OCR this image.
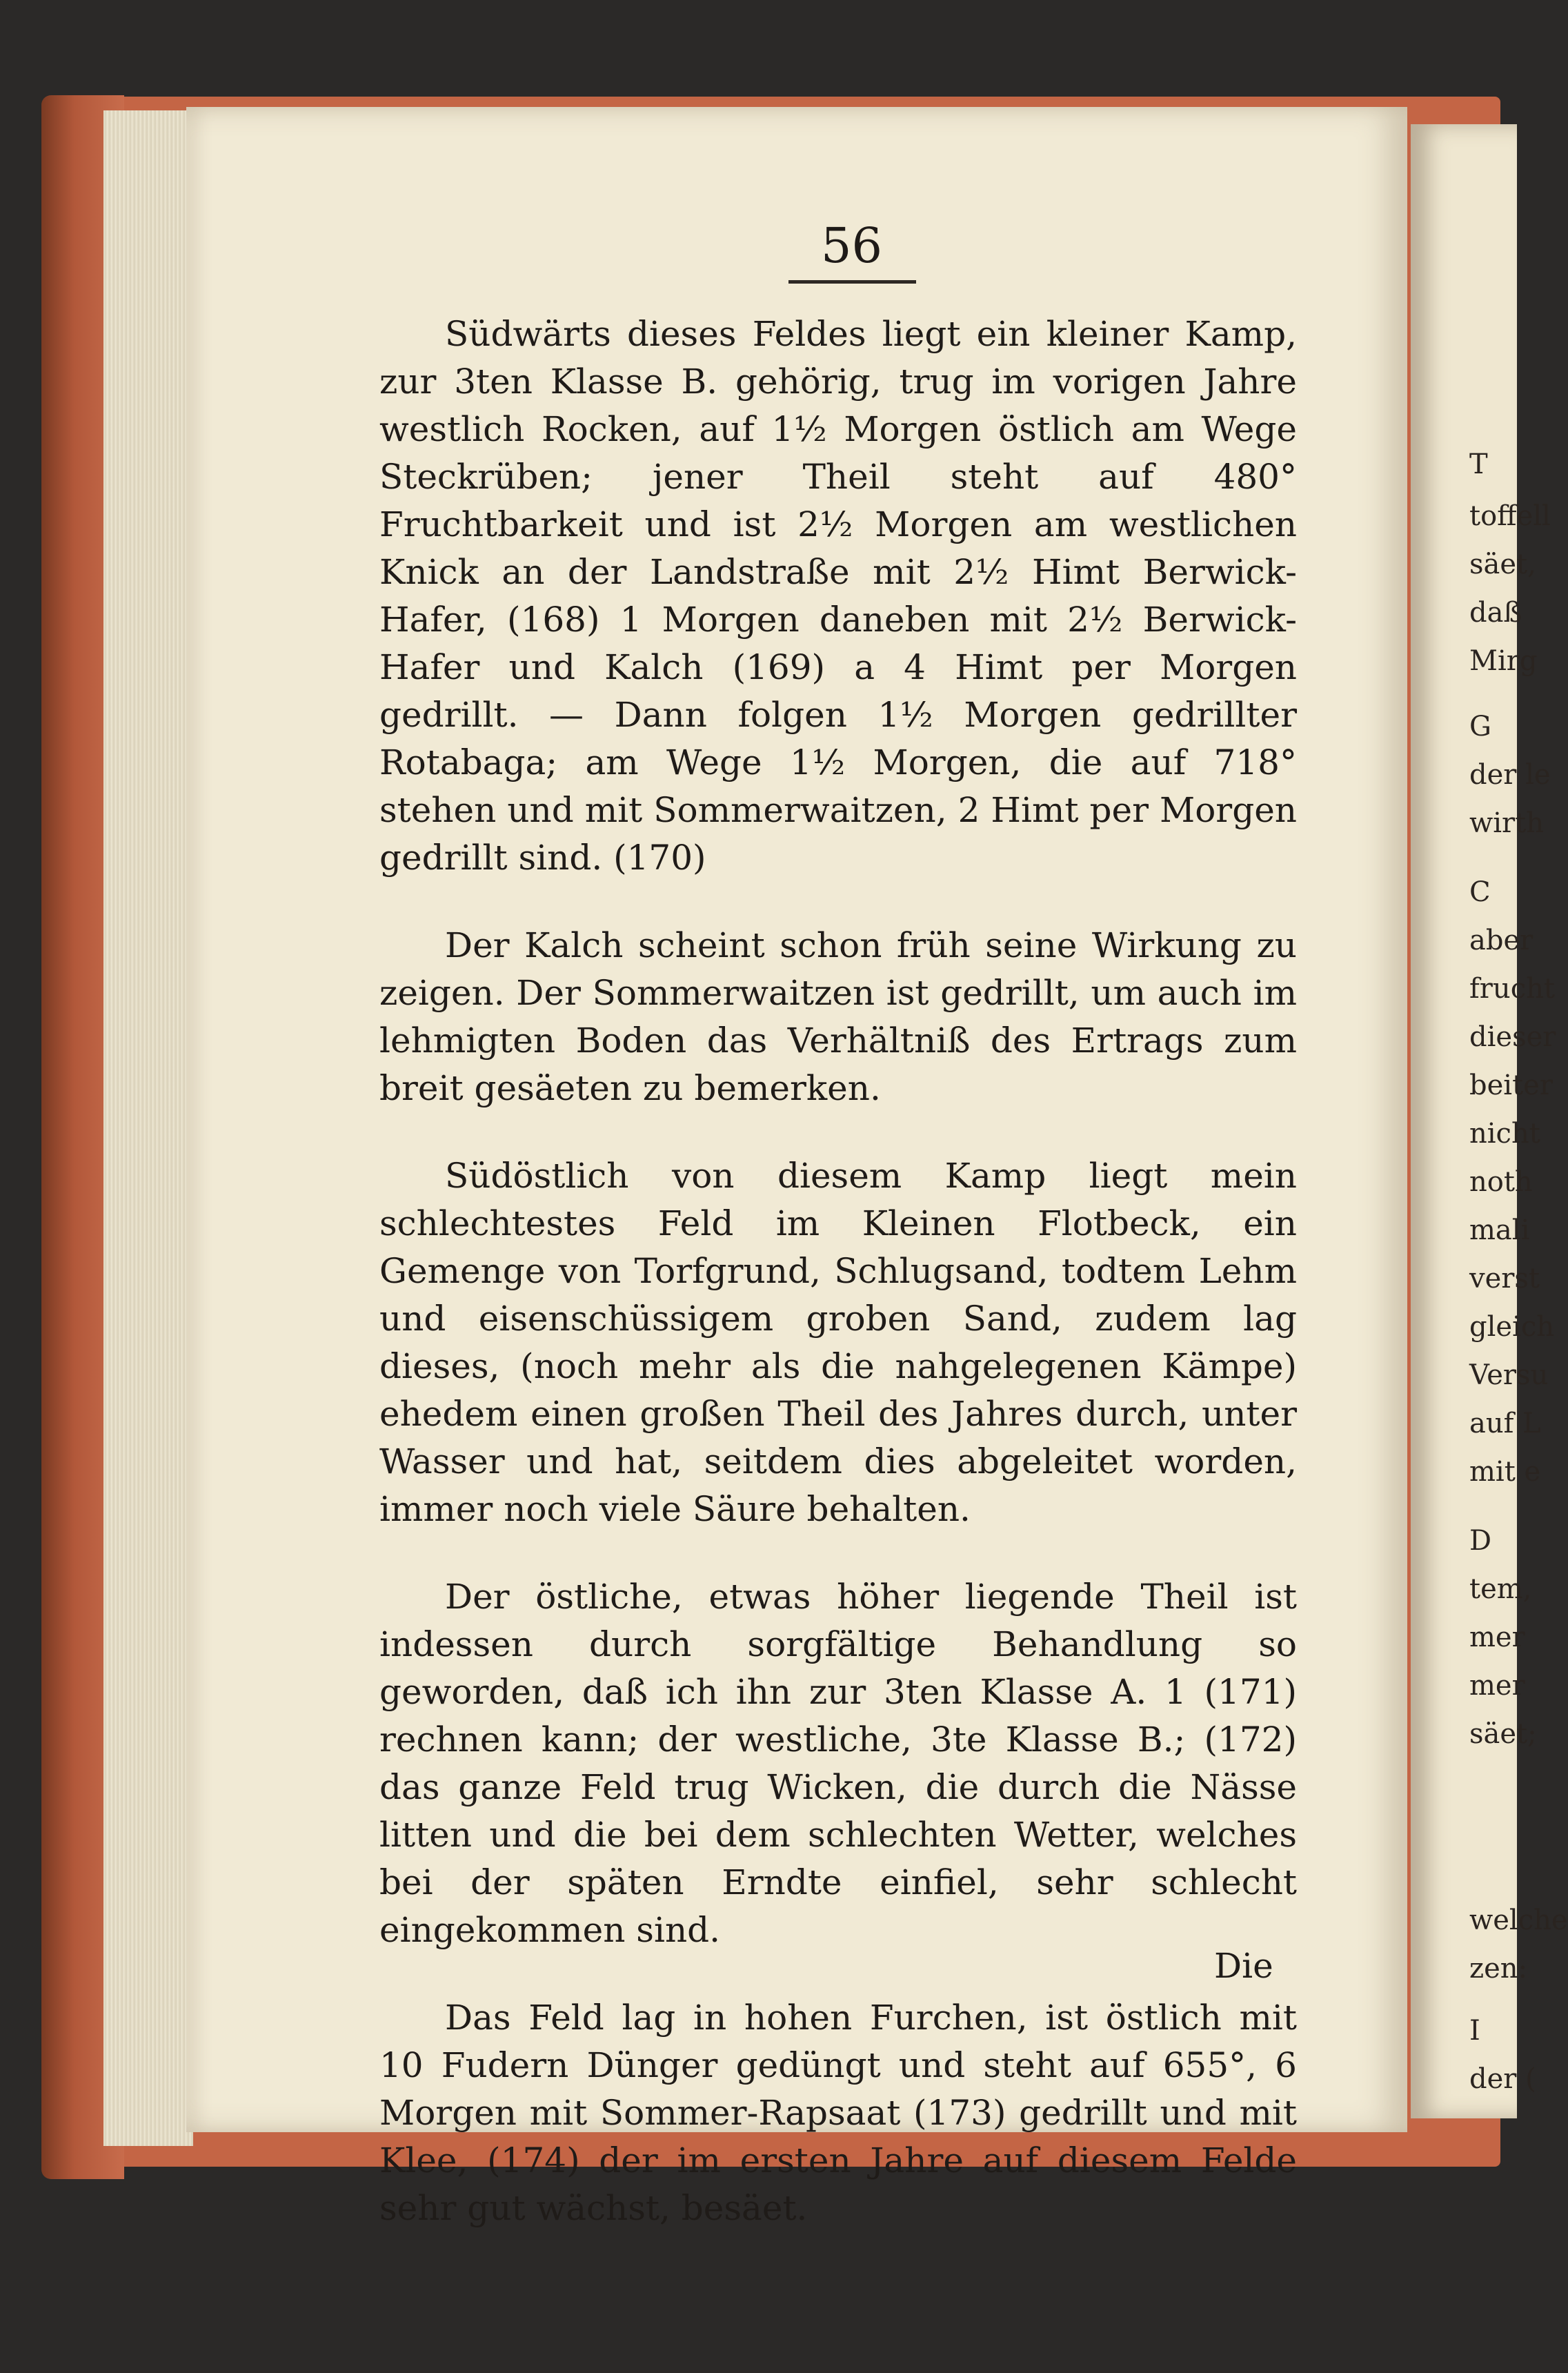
T
toffell
säet,
daß
Mirg
G
der le
wirth
C
aber
frucht
dieser
beiter
nicht
noth
mali
verst
gleich
Versu
auf L
mit e
D
tem,
mer
mer
säet;
welche
zen:
I
der (
56

Südwärts dieses Feldes liegt ein kleiner Kamp, zur 3ten Klasse B. gehörig, trug im vorigen Jahre westlich Rocken, auf 1½ Morgen östlich am Wege Steckrüben; jener Theil steht auf 480° Fruchtbarkeit und ist 2½ Morgen am westlichen Knick an der Landstraße mit 2½ Himt Berwick-Hafer, (168) 1 Morgen daneben mit 2½ Berwick-Hafer und Kalch (169) a 4 Himt per Morgen gedrillt. — Dann folgen 1½ Morgen gedrillter Rotabaga; am Wege 1½ Morgen, die auf 718° stehen und mit Sommerwaitzen, 2 Himt per Morgen gedrillt sind. (170)

Der Kalch scheint schon früh seine Wirkung zu zeigen. Der Sommerwaitzen ist gedrillt, um auch im lehmigten Boden das Verhältniß des Ertrags zum breit gesäeten zu bemerken.

Südöstlich von diesem Kamp liegt mein schlechtestes Feld im Kleinen Flotbeck, ein Gemenge von Torfgrund, Schlugsand, todtem Lehm und eisenschüssigem groben Sand, zudem lag dieses, (noch mehr als die nahgelegenen Kämpe) ehedem einen großen Theil des Jahres durch, unter Wasser und hat, seitdem dies abgeleitet worden, immer noch viele Säure behalten.

Der östliche, etwas höher liegende Theil ist indessen durch sorgfältige Behandlung so geworden, daß ich ihn zur 3ten Klasse A. 1 (171) rechnen kann; der westliche, 3te Klasse B.; (172) das ganze Feld trug Wicken, die durch die Nässe litten und die bei dem schlechten Wetter, welches bei der späten Erndte einfiel, sehr schlecht eingekommen sind.

Das Feld lag in hohen Furchen, ist östlich mit 10 Fudern Dünger gedüngt und steht auf 655°, 6 Morgen mit Sommer-Rapsaat (173) gedrillt und mit Klee, (174) der im ersten Jahre auf diesem Felde sehr gut wächst, besäet.

Die
